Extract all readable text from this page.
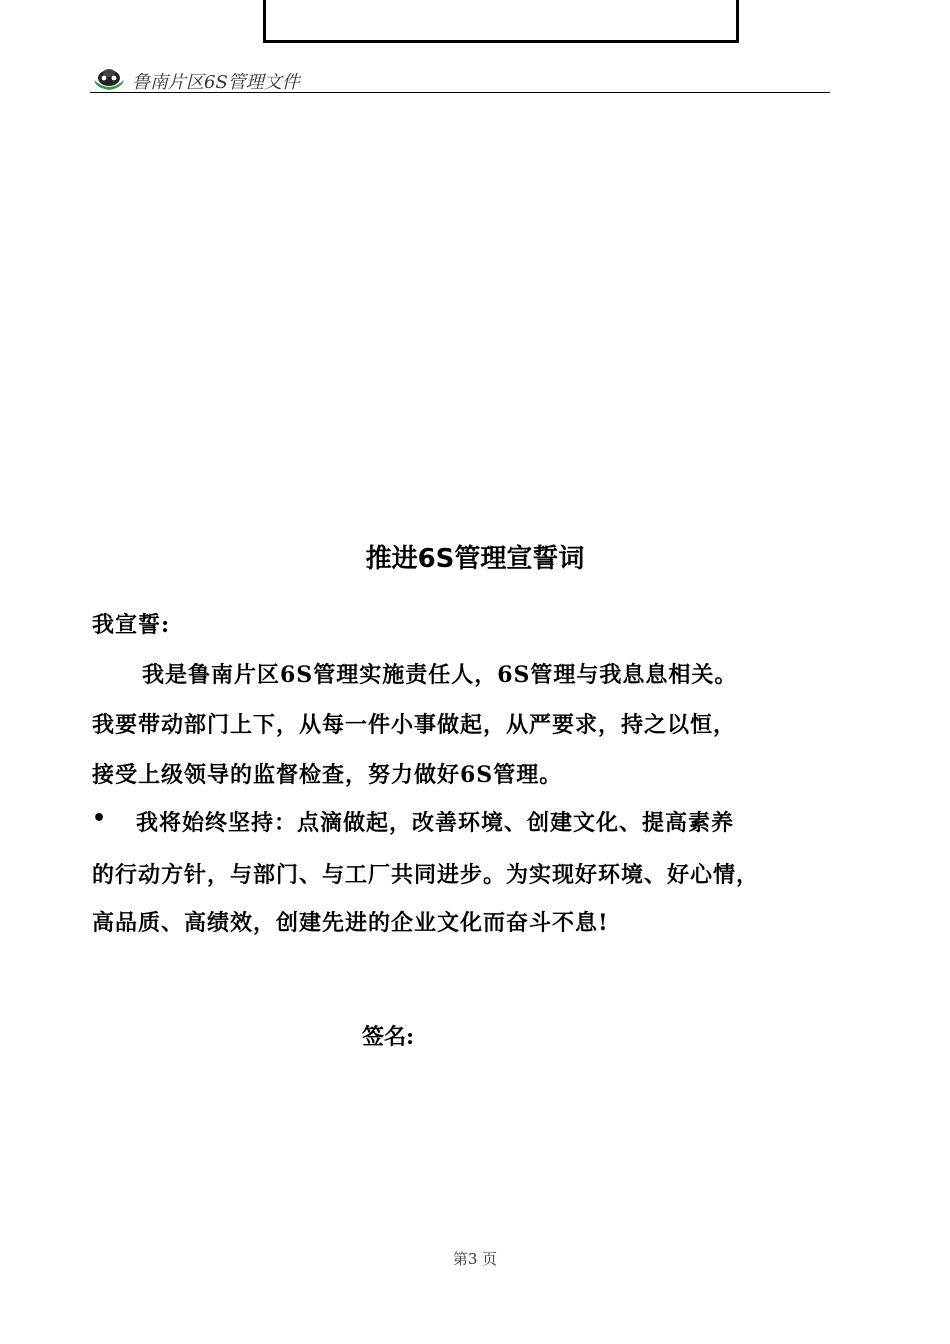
鲁南片区6S管理文件
推进6S管理宣誓词
我宣誓:
我是鲁南片区6S管理实施责任人，6S管理与我息息相关。
我要带动部门上下，从每一件小事做起，从严要求，持之以恒，
接受上级领导的监督检查，努力做好6S管理。
• 我将始终坚持：点滴做起，改善环境、创建文化、提高素养
的行动方针，与部门、与工厂共同进步。为实现好环境、好心情，
高品质、高绩效，创建先进的企业文化而奋斗不息!
签名:
第3 页
